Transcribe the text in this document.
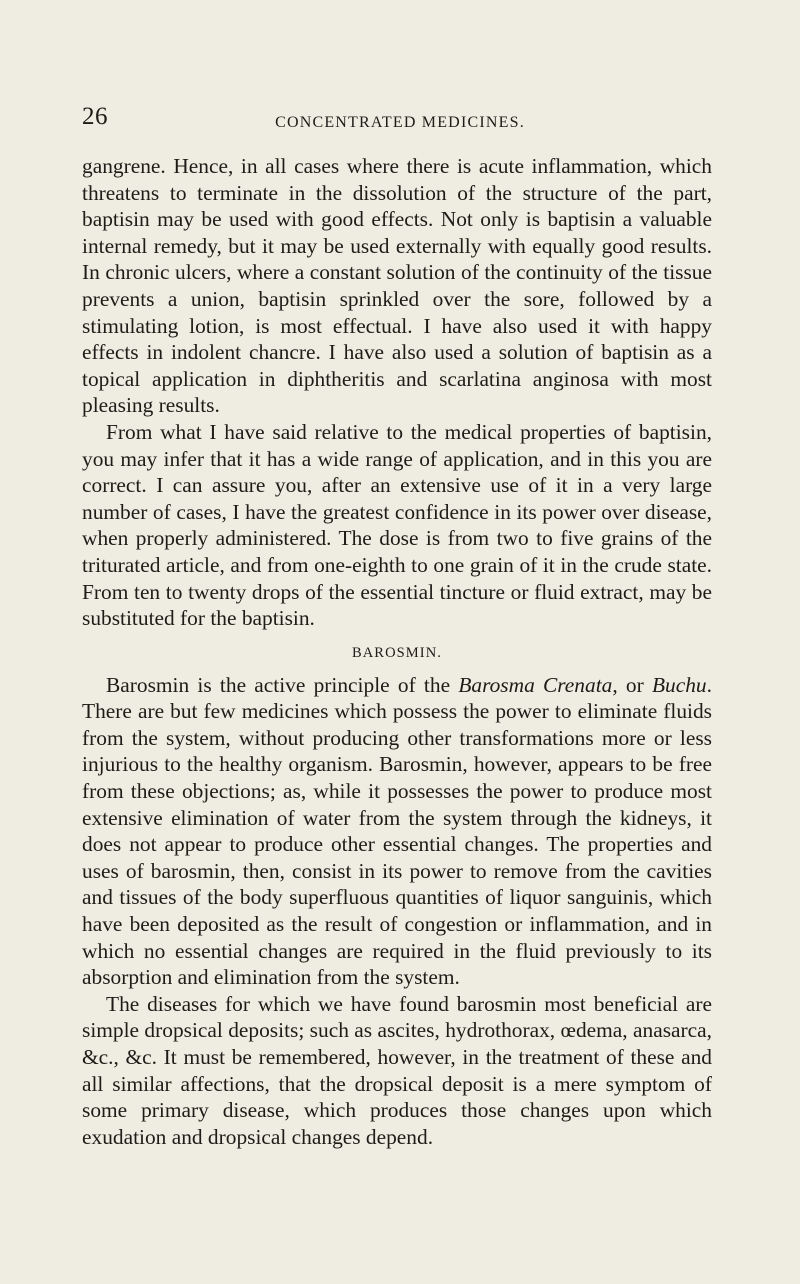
26	CONCENTRATED MEDICINES.

gangrene. Hence, in all cases where there is acute inflammation, which threatens to terminate in the dissolution of the structure of the part, baptisin may be used with good effects. Not only is baptisin a valuable internal remedy, but it may be used externally with equally good results. In chronic ulcers, where a constant solution of the continuity of the tissue prevents a union, baptisin sprinkled over the sore, followed by a stimulating lotion, is most effectual. I have also used it with happy effects in indolent chancre. I have also used a solution of baptisin as a topical application in diphtheritis and scarlatina anginosa with most pleasing results.

From what I have said relative to the medical properties of baptisin, you may infer that it has a wide range of application, and in this you are correct. I can assure you, after an extensive use of it in a very large number of cases, I have the greatest confidence in its power over disease, when properly administered. The dose is from two to five grains of the triturated article, and from one-eighth to one grain of it in the crude state. From ten to twenty drops of the essential tincture or fluid extract, may be substituted for the baptisin.

BAROSMIN.

Barosmin is the active principle of the Barosma Crenata, or Buchu. There are but few medicines which possess the power to eliminate fluids from the system, without producing other transformations more or less injurious to the healthy organism. Barosmin, however, appears to be free from these objections; as, while it possesses the power to produce most extensive elimination of water from the system through the kidneys, it does not appear to produce other essential changes. The properties and uses of barosmin, then, consist in its power to remove from the cavities and tissues of the body superfluous quantities of liquor sanguinis, which have been deposited as the result of congestion or inflammation, and in which no essential changes are required in the fluid previously to its absorption and elimination from the system.

The diseases for which we have found barosmin most beneficial are simple dropsical deposits; such as ascites, hydrothorax, œdema, anasarca, &c., &c. It must be remembered, however, in the treatment of these and all similar affections, that the dropsical deposit is a mere symptom of some primary disease, which produces those changes upon which exudation and dropsical changes depend.
